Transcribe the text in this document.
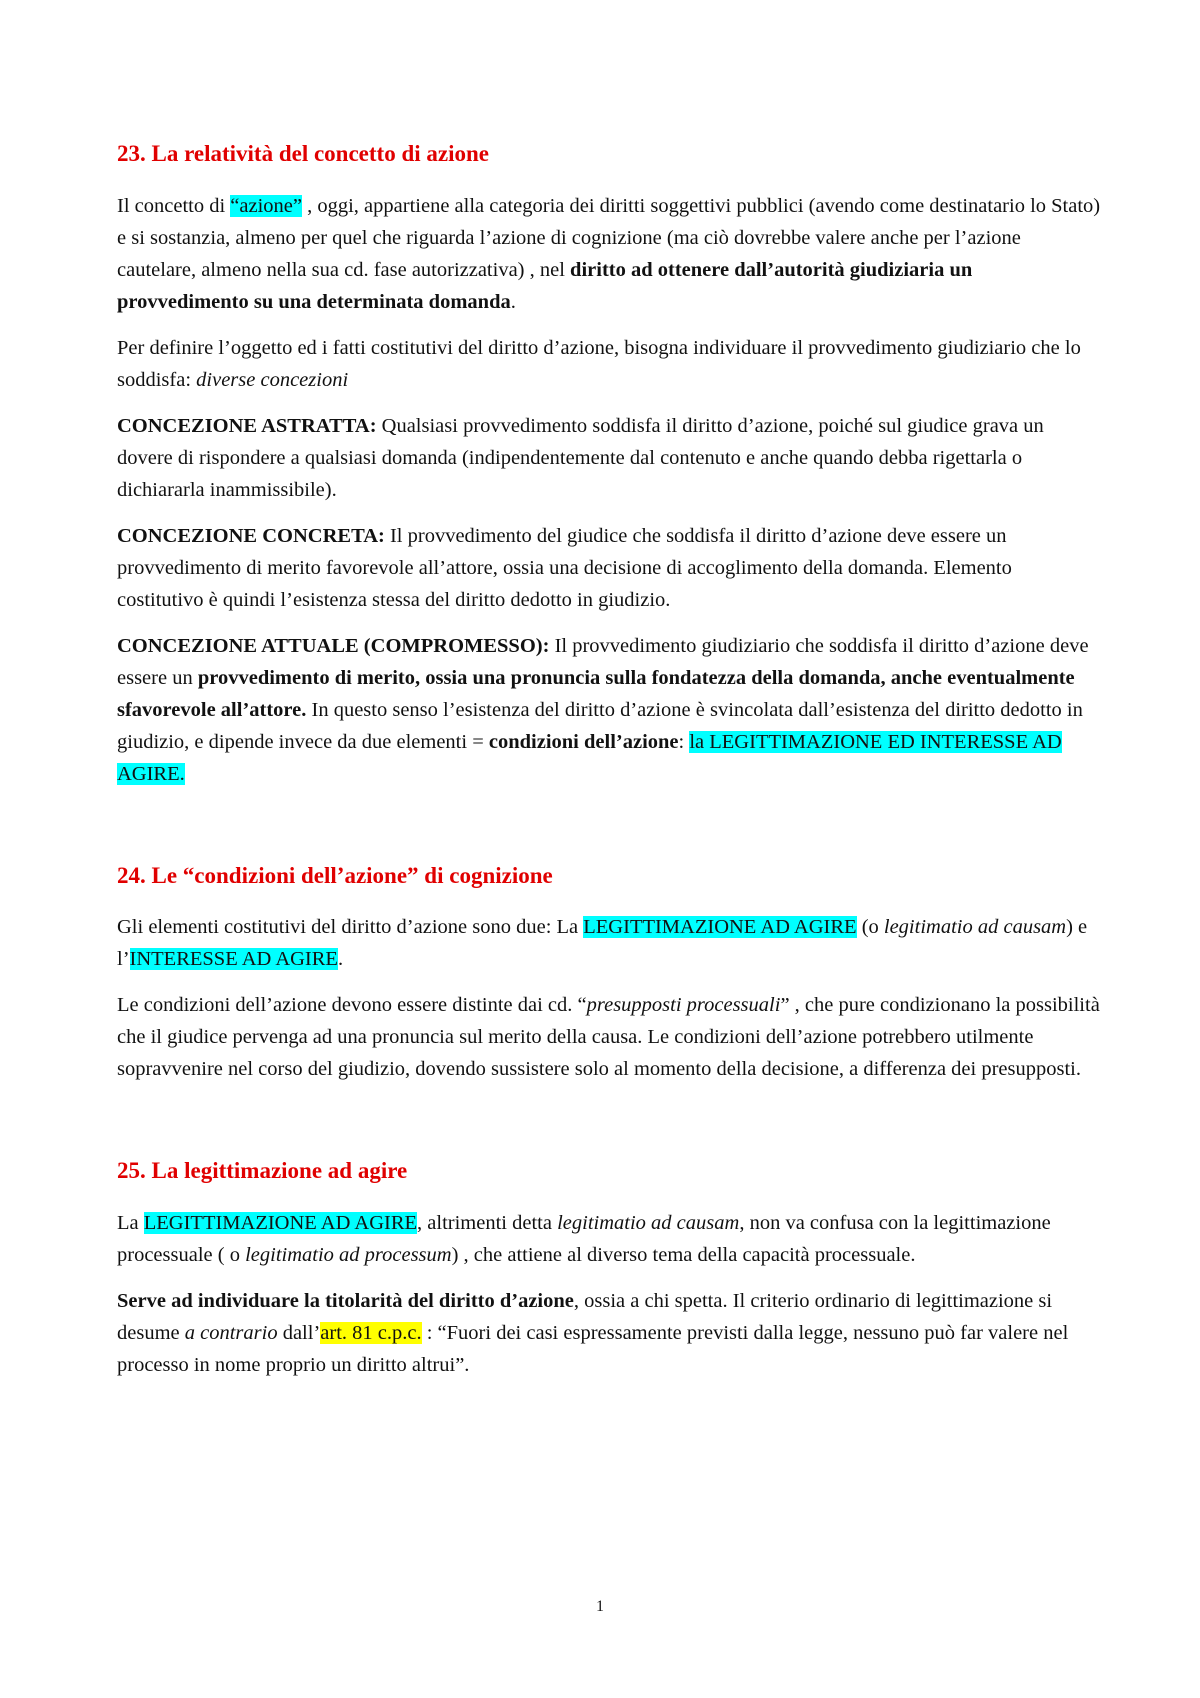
23. La relatività del concetto di azione

Il concetto di “azione” , oggi, appartiene alla categoria dei diritti soggettivi pubblici (avendo come destinatario lo Stato) e si sostanzia, almeno per quel che riguarda l’azione di cognizione (ma ciò dovrebbe valere anche per l’azione cautelare, almeno nella sua cd. fase autorizzativa) , nel diritto ad ottenere dall’autorità giudiziaria un provvedimento su una determinata domanda.

Per definire l’oggetto ed i fatti costitutivi del diritto d’azione, bisogna individuare il provvedimento giudiziario che lo soddisfa: diverse concezioni

CONCEZIONE ASTRATTA: Qualsiasi provvedimento soddisfa il diritto d’azione, poiché sul giudice grava un dovere di rispondere a qualsiasi domanda (indipendentemente dal contenuto e anche quando debba rigettarla o dichiararla inammissibile).

CONCEZIONE CONCRETA: Il provvedimento del giudice che soddisfa il diritto d’azione deve essere un provvedimento di merito favorevole all’attore, ossia una decisione di accoglimento della domanda. Elemento costitutivo è quindi l’esistenza stessa del diritto dedotto in giudizio.

CONCEZIONE ATTUALE (COMPROMESSO): Il provvedimento giudiziario che soddisfa il diritto d’azione deve essere un provvedimento di merito, ossia una pronuncia sulla fondatezza della domanda, anche eventualmente sfavorevole all’attore. In questo senso l’esistenza del diritto d’azione è svincolata dall’esistenza del diritto dedotto in giudizio, e dipende invece da due elementi = condizioni dell’azione: la LEGITTIMAZIONE ED INTERESSE AD AGIRE.

24. Le “condizioni dell’azione” di cognizione

Gli elementi costitutivi del diritto d’azione sono due: La LEGITTIMAZIONE AD AGIRE (o legitimatio ad causam) e l’INTERESSE AD AGIRE.

Le condizioni dell’azione devono essere distinte dai cd. “presupposti processuali” , che pure condizionano la possibilità che il giudice pervenga ad una pronuncia sul merito della causa. Le condizioni dell’azione potrebbero utilmente sopravvenire nel corso del giudizio, dovendo sussistere solo al momento della decisione, a differenza dei presupposti.

25. La legittimazione ad agire

La LEGITTIMAZIONE AD AGIRE, altrimenti detta legitimatio ad causam, non va confusa con la legittimazione processuale ( o legitimatio ad processum) , che attiene al diverso tema della capacità processuale.

Serve ad individuare la titolarità del diritto d’azione, ossia a chi spetta. Il criterio ordinario di legittimazione si desume a contrario dall’art. 81 c.p.c. : “Fuori dei casi espressamente previsti dalla legge, nessuno può far valere nel processo in nome proprio un diritto altrui”.

1
